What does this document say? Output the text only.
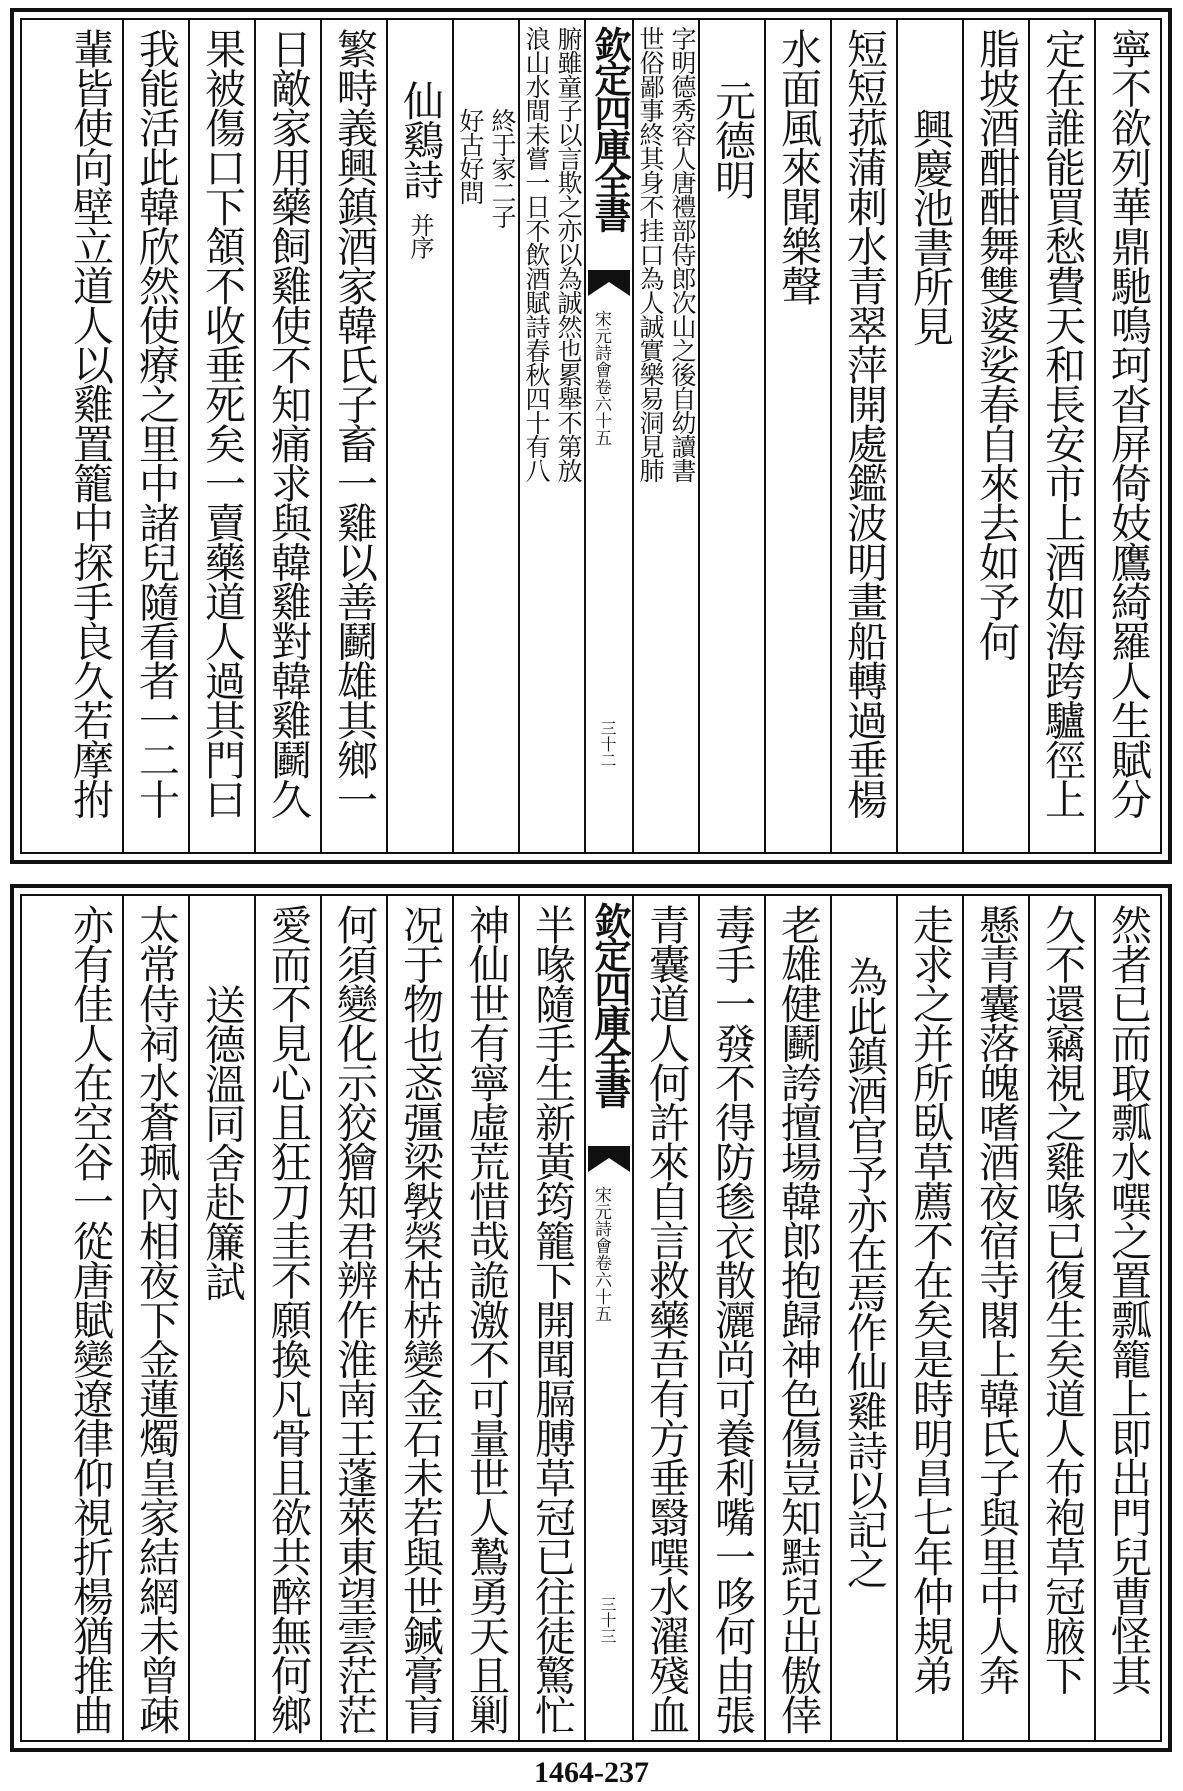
寧不欲列華鼎馳鳴珂沓屏倚妓鷹綺羅人生賦分
定在誰能買愁費天和長安市上酒如海跨驢徑上
脂坡酒酣酣舞雙婆娑春自來去如予何
興慶池書所見
短短菰蒲刺水青翠萍開處鑑波明畫船轉過垂楊
水面風來聞樂聲
元德明
字明德秀容人唐禮部侍郎次山之後自幼讀書
世俗鄙事終其身不挂口為人誠實樂易洞見肺
欽定四庫全書
宋元詩會
卷六十五
三十二
腑雖童子以言欺之亦以為誠然也累舉不第放
浪山水間未嘗一日不飲酒賦詩春秋四十有八
終于家二子
好古好問
仙鷄詩并序
繁畤義興鎮酒家韓氏子畜一雞以善鬬雄其鄉一
日敵家用藥飼雞使不知痛求與韓雞對韓雞鬬久
果被傷口下頷不收垂死矣一賣藥道人過其門曰
我能活此韓欣然使療之里中諸兒隨看者一二十
輩皆使向壁立道人以雞置籠中探手良久若摩拊
然者已而取瓢水噀之置瓢籠上即出門兒曹怪其
久不還竊視之雞喙已復生矣道人布袍草冠腋下
懸青囊落魄嗜酒夜宿寺閣上韓氏子與里中人奔
走求之并所臥草薦不在矣是時明昌七年仲規弟
為此鎮酒官予亦在焉作仙雞詩以記之
老雄健鬬誇擅場韓郎抱歸神色傷豈知黠兒出傲倖
毒手一發不得防毶衣散灑尚可養利嘴一哆何由張
青囊道人何許來自言救藥吾有方垂翳噀水濯殘血
欽定四庫全書
宋元詩會
卷六十五
三十三
半喙隨手生新黃筠籠下開聞膈膊草冠已往徒驚忙
神仙世有寧虛荒惜哉詭激不可量世人鷙勇天且剿
况于物也忞彊梁斅榮枯枿變金石未若與世鍼膏肓
何須變化示狡獪知君辨作淮南王蓬萊東望雲茫茫
愛而不見心且狂刀圭不願換凡骨且欲共醉無何鄉
送德溫同舍赴簾試
太常侍祠水蒼珮內相夜下金蓮燭皇家結網未曾疎
亦有佳人在空谷一從唐賦變遼律仰視折楊猶推曲
1464-237
